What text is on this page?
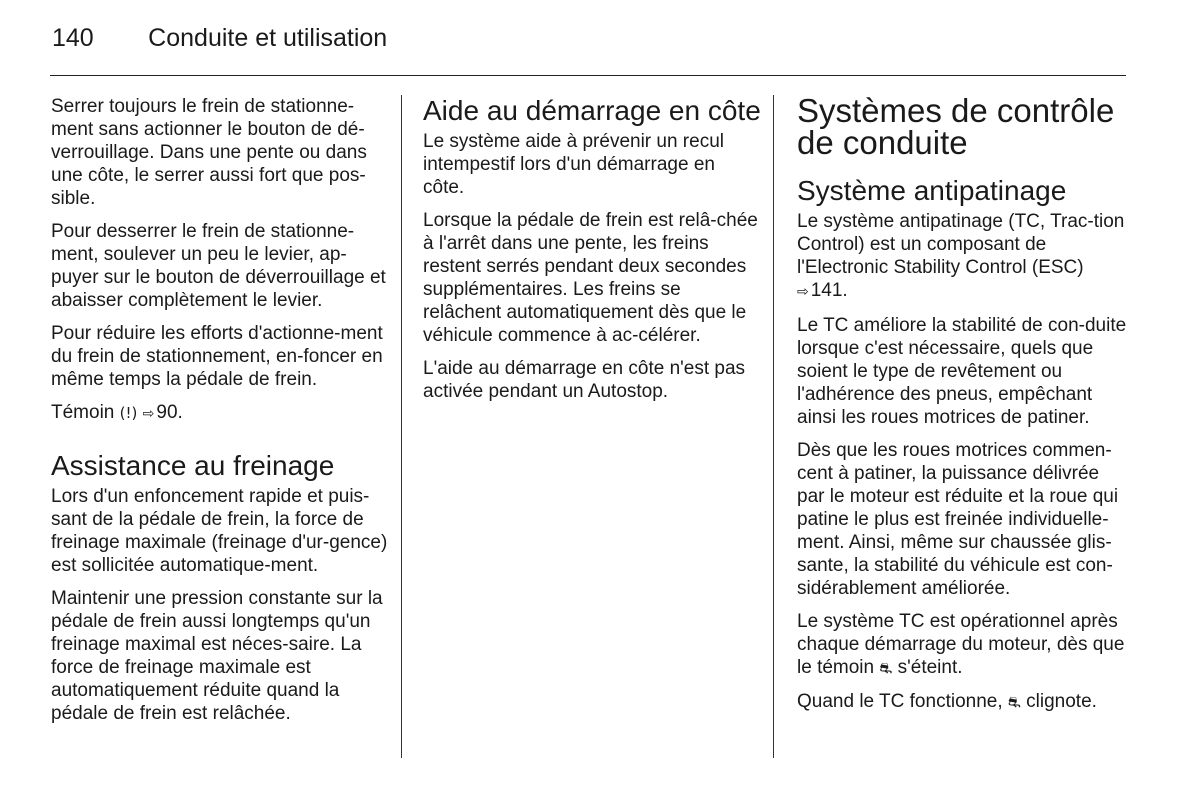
140 Conduite et utilisation

Serrer toujours le frein de stationne-ment sans actionner le bouton de dé-verrouillage. Dans une pente ou dans une côte, le serrer aussi fort que pos-sible.

Pour desserrer le frein de stationne-ment, soulever un peu le levier, ap-puyer sur le bouton de déverrouillage et abaisser complètement le levier.

Pour réduire les efforts d'actionne-ment du frein de stationnement, en-foncer en même temps la pédale de frein.

Témoin (!) ⇨ 90.

Assistance au freinage

Lors d'un enfoncement rapide et puis-sant de la pédale de frein, la force de freinage maximale (freinage d'ur-gence) est sollicitée automatique-ment.

Maintenir une pression constante sur la pédale de frein aussi longtemps qu'un freinage maximal est néces-saire. La force de freinage maximale est automatiquement réduite quand la pédale de frein est relâchée.

Aide au démarrage en côte

Le système aide à prévenir un recul intempestif lors d'un démarrage en côte.

Lorsque la pédale de frein est relâ-chée à l'arrêt dans une pente, les freins restent serrés pendant deux secondes supplémentaires. Les freins se relâchent automatiquement dès que le véhicule commence à ac-célérer.

L'aide au démarrage en côte n'est pas activée pendant un Autostop.

Systèmes de contrôle de conduite
Système antipatinage

Le système antipatinage (TC, Trac-tion Control) est un composant de l'Electronic Stability Control (ESC)
⇨ 141.

Le TC améliore la stabilité de con-duite lorsque c'est nécessaire, quels que soient le type de revêtement ou l'adhérence des pneus, empêchant ainsi les roues motrices de patiner.

Dès que les roues motrices commen-cent à patiner, la puissance délivrée par le moteur est réduite et la roue qui patine le plus est freinée individuelle-ment. Ainsi, même sur chaussée glis-sante, la stabilité du véhicule est con-sidérablement améliorée.

Le système TC est opérationnel après chaque démarrage du moteur, dès que le témoin ⛐ s'éteint.

Quand le TC fonctionne, ⛐ clignote.
